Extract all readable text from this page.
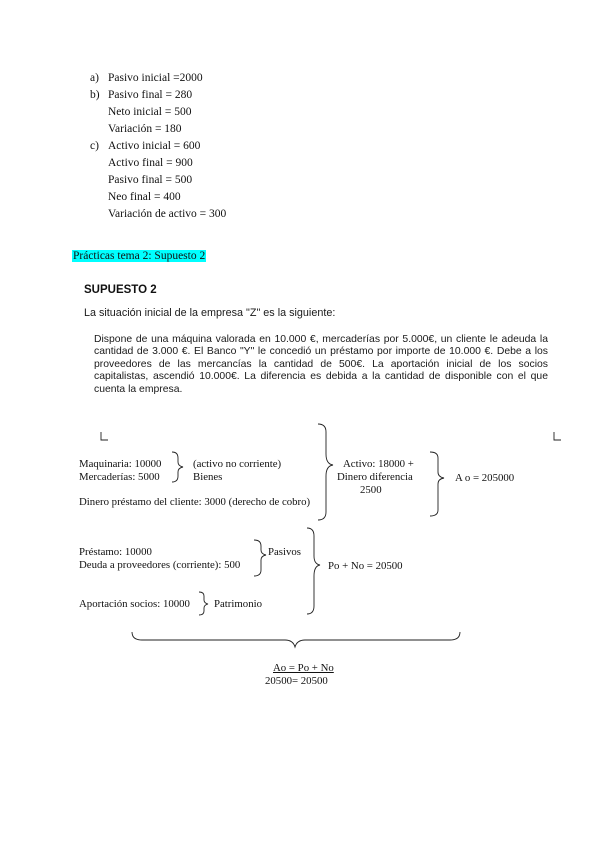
a) Pasivo inicial =2000
b) Pasivo final = 280
Neto inicial = 500
Variación = 180
c) Activo inicial = 600
Activo final = 900
Pasivo final = 500
Neo final = 400
Variación de activo = 300
Prácticas tema 2: Supuesto 2
SUPUESTO 2
La situación inicial de la empresa "Z" es la siguiente:
Dispone de una máquina valorada en 10.000 €, mercaderías por 5.000€, un cliente le adeuda la cantidad de 3.000 €. El Banco "Y" le concedió un préstamo por importe de 10.000 €. Debe a los proveedores de las mercancías la cantidad de 500€. La aportación inicial de los socios capitalistas, ascendió 10.000€. La diferencia es debida a la cantidad de disponible con el que cuenta la empresa.
Maquinaria: 10000
Mercaderías: 5000
(activo no corriente)
Bienes
Dinero préstamo del cliente: 3000 (derecho de cobro)
Activo: 18000 +
Dinero diferencia
2500
A o = 205000
Préstamo: 10000
Deuda a proveedores (corriente): 500
Pasivos
Po + No = 20500
Aportación socios: 10000 Patrimonio
Ao = Po + No
20500= 20500
